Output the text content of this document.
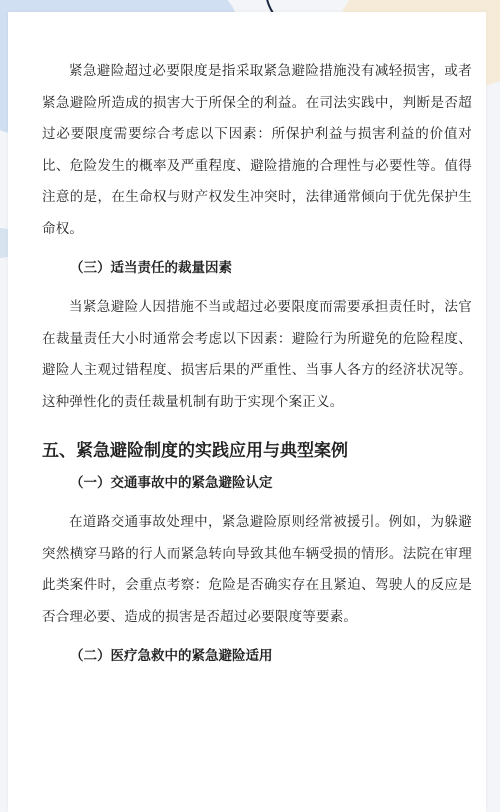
紧急避险超过必要限度是指采取紧急避险措施没有减轻损害，或者紧急避险所造成的损害大于所保全的利益。在司法实践中，判断是否超过必要限度需要综合考虑以下因素：所保护利益与损害利益的价值对比、危险发生的概率及严重程度、避险措施的合理性与必要性等。值得注意的是，在生命权与财产权发生冲突时，法律通常倾向于优先保护生命权。

（三）适当责任的裁量因素

当紧急避险人因措施不当或超过必要限度而需要承担责任时，法官在裁量责任大小时通常会考虑以下因素：避险行为所避免的危险程度、避险人主观过错程度、损害后果的严重性、当事人各方的经济状况等。这种弹性化的责任裁量机制有助于实现个案正义。

五、紧急避险制度的实践应用与典型案例
（一）交通事故中的紧急避险认定

在道路交通事故处理中，紧急避险原则经常被援引。例如，为躲避突然横穿马路的行人而紧急转向导致其他车辆受损的情形。法院在审理此类案件时，会重点考察：危险是否确实存在且紧迫、驾驶人的反应是否合理必要、造成的损害是否超过必要限度等要素。

（二）医疗急救中的紧急避险适用
